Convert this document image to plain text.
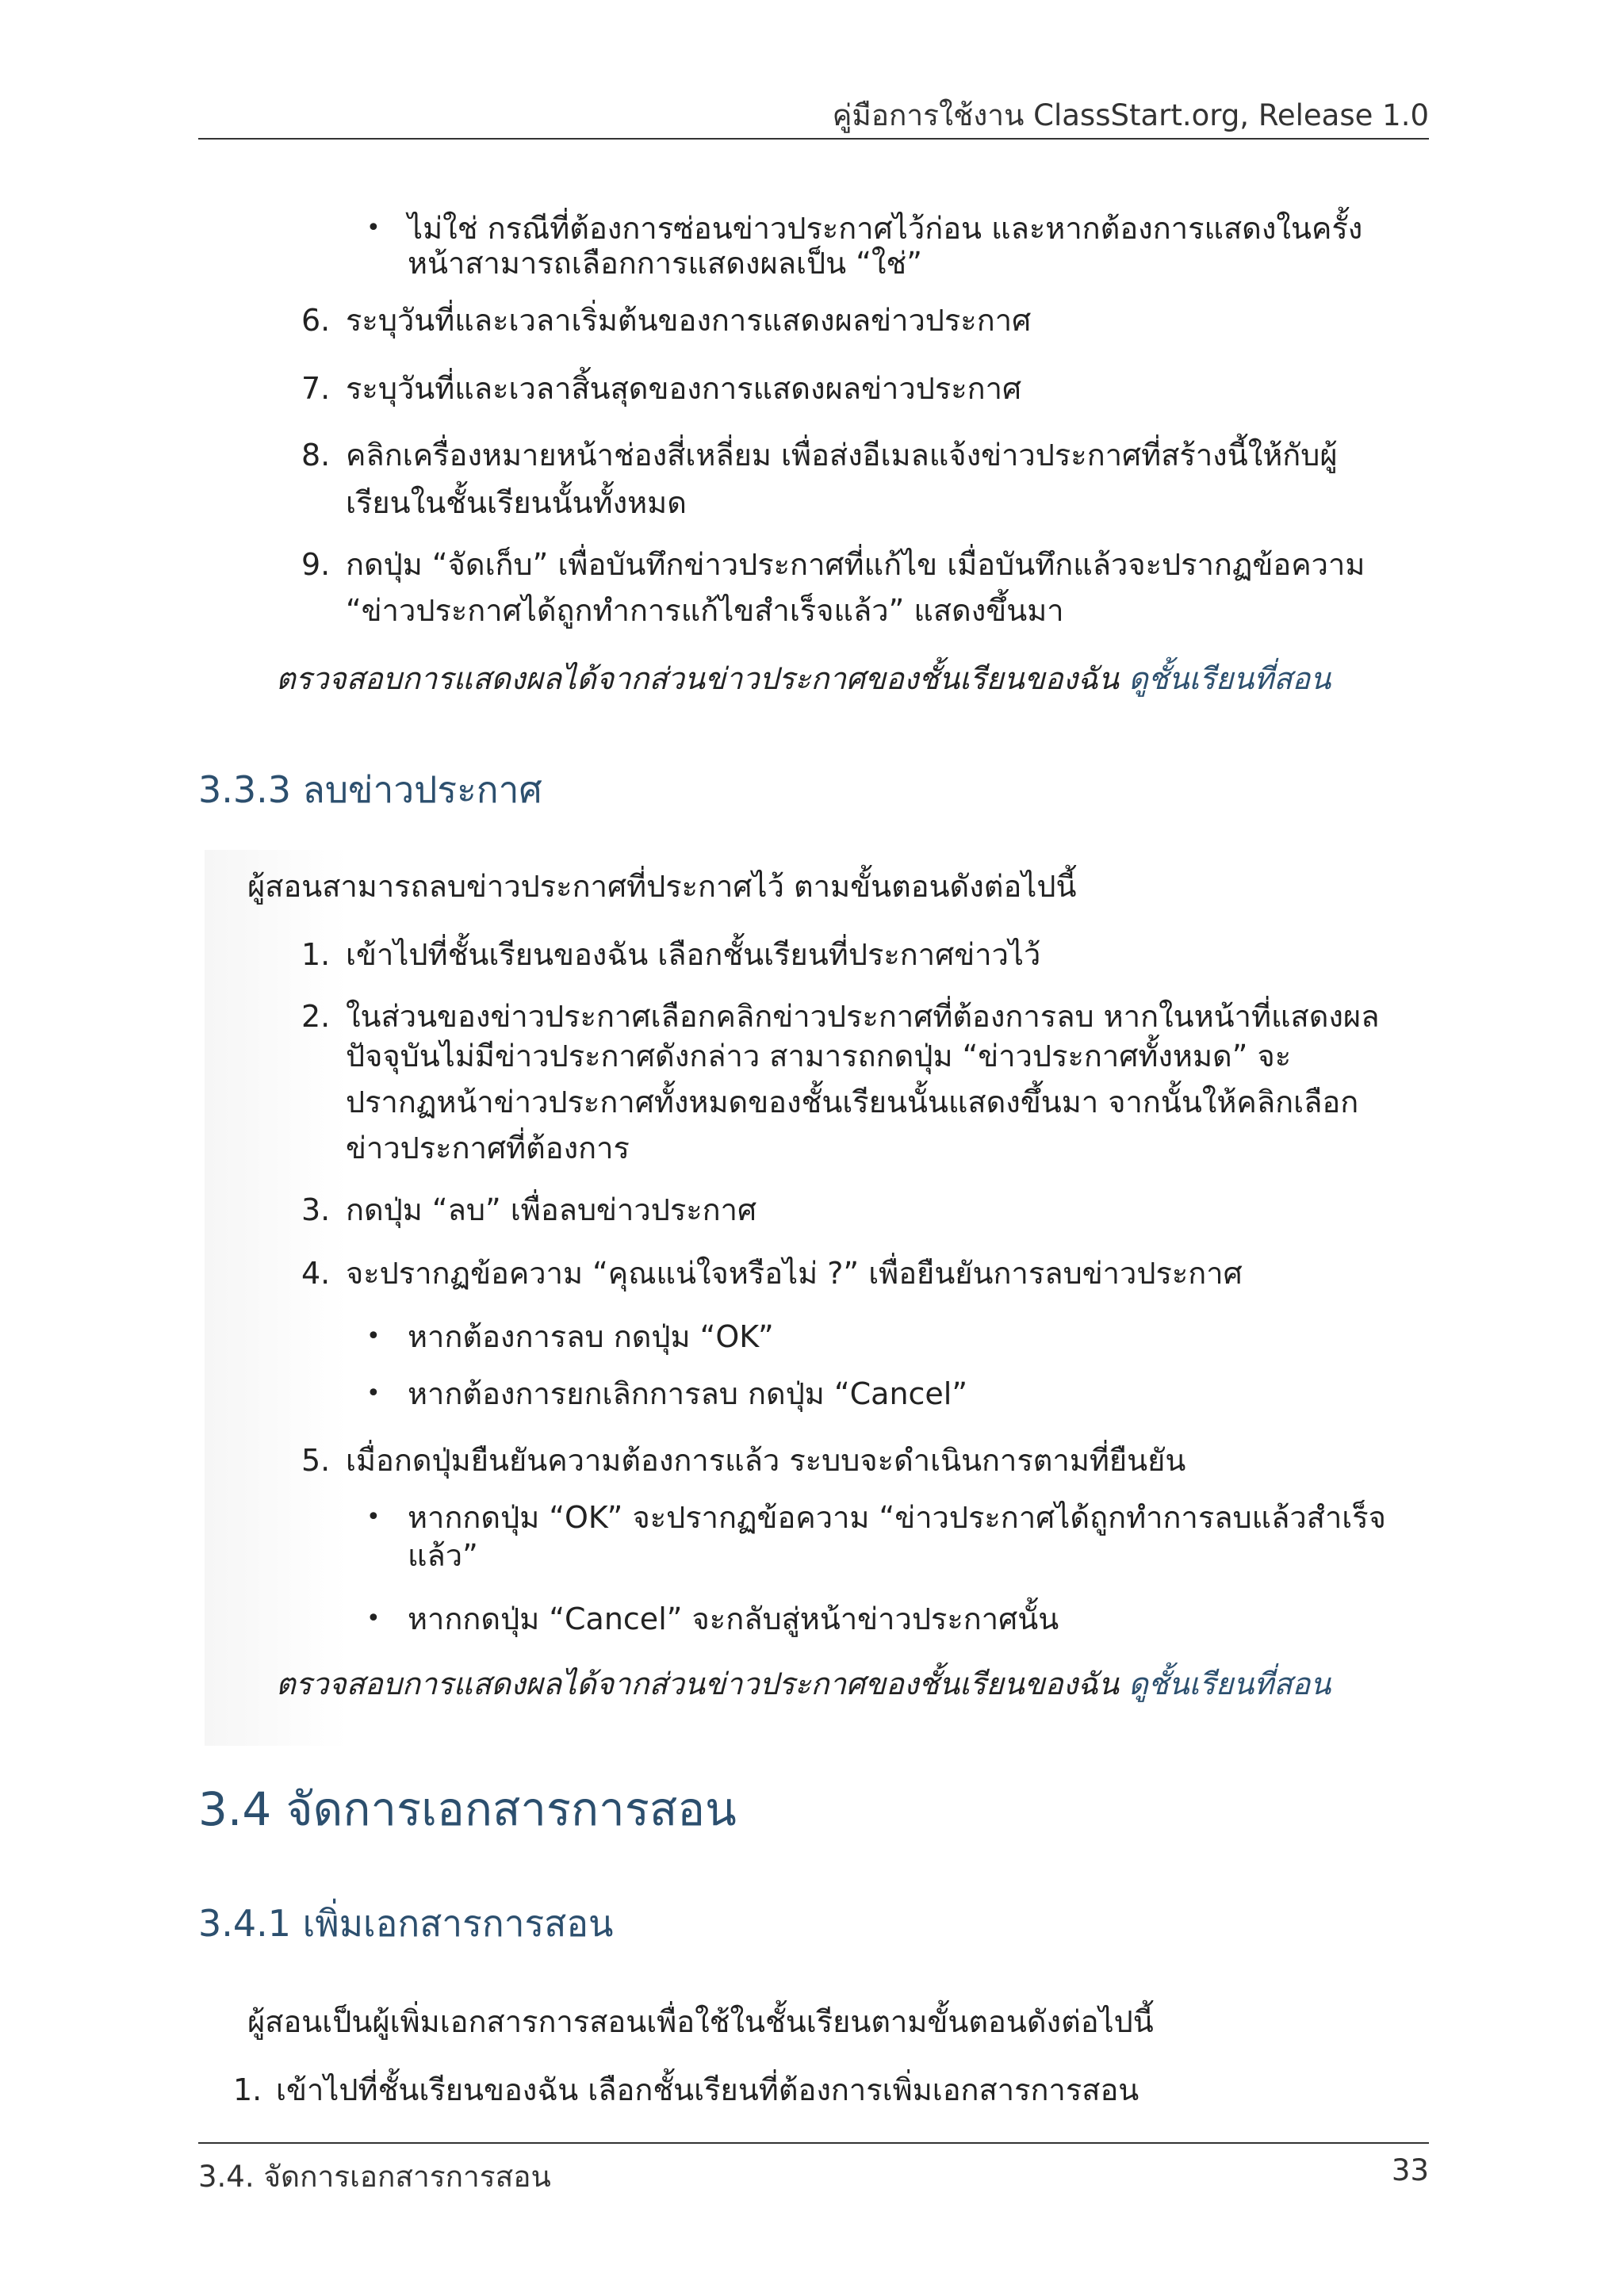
คู่มือการใช้งาน ClassStart.org, Release 1.0
• ไม่ใช่ กรณีที่ต้องการซ่อนข่าวประกาศไว้ก่อน และหากต้องการแสดงในครั้ง
หน้าสามารถเลือกการแสดงผลเป็น “ใช่”
6. ระบุวันที่และเวลาเริ่มต้นของการแสดงผลข่าวประกาศ
7. ระบุวันที่และเวลาสิ้นสุดของการแสดงผลข่าวประกาศ
8. คลิกเครื่องหมายหน้าช่องสี่เหลี่ยม เพื่อส่งอีเมลแจ้งข่าวประกาศที่สร้างนี้ให้กับผู้
เรียนในชั้นเรียนนั้นทั้งหมด
9. กดปุ่ม “จัดเก็บ” เพื่อบันทึกข่าวประกาศที่แก้ไข เมื่อบันทึกแล้วจะปรากฏข้อความ
“ข่าวประกาศได้ถูกทำการแก้ไขสำเร็จแล้ว” แสดงขึ้นมา
ตรวจสอบการแสดงผลได้จากส่วนข่าวประกาศของชั้นเรียนของฉัน ดูชั้นเรียนที่สอน
3.3.3 ลบข่าวประกาศ
ผู้สอนสามารถลบข่าวประกาศที่ประกาศไว้ ตามขั้นตอนดังต่อไปนี้
1. เข้าไปที่ชั้นเรียนของฉัน เลือกชั้นเรียนที่ประกาศข่าวไว้
2. ในส่วนของข่าวประกาศเลือกคลิกข่าวประกาศที่ต้องการลบ หากในหน้าที่แสดงผล
ปัจจุบันไม่มีข่าวประกาศดังกล่าว สามารถกดปุ่ม “ข่าวประกาศทั้งหมด” จะ
ปรากฏหน้าข่าวประกาศทั้งหมดของชั้นเรียนนั้นแสดงขึ้นมา จากนั้นให้คลิกเลือก
ข่าวประกาศที่ต้องการ
3. กดปุ่ม “ลบ” เพื่อลบข่าวประกาศ
4. จะปรากฏข้อความ “คุณแน่ใจหรือไม่ ?” เพื่อยืนยันการลบข่าวประกาศ
• หากต้องการลบ กดปุ่ม “OK”
• หากต้องการยกเลิกการลบ กดปุ่ม “Cancel”
5. เมื่อกดปุ่มยืนยันความต้องการแล้ว ระบบจะดำเนินการตามที่ยืนยัน
• หากกดปุ่ม “OK” จะปรากฏข้อความ “ข่าวประกาศได้ถูกทำการลบแล้วสำเร็จ
แล้ว”
• หากกดปุ่ม “Cancel” จะกลับสู่หน้าข่าวประกาศนั้น
ตรวจสอบการแสดงผลได้จากส่วนข่าวประกาศของชั้นเรียนของฉัน ดูชั้นเรียนที่สอน
3.4 จัดการเอกสารการสอน
3.4.1 เพิ่มเอกสารการสอน
ผู้สอนเป็นผู้เพิ่มเอกสารการสอนเพื่อใช้ในชั้นเรียนตามขั้นตอนดังต่อไปนี้
1. เข้าไปที่ชั้นเรียนของฉัน เลือกชั้นเรียนที่ต้องการเพิ่มเอกสารการสอน
3.4. จัดการเอกสารการสอน	33
